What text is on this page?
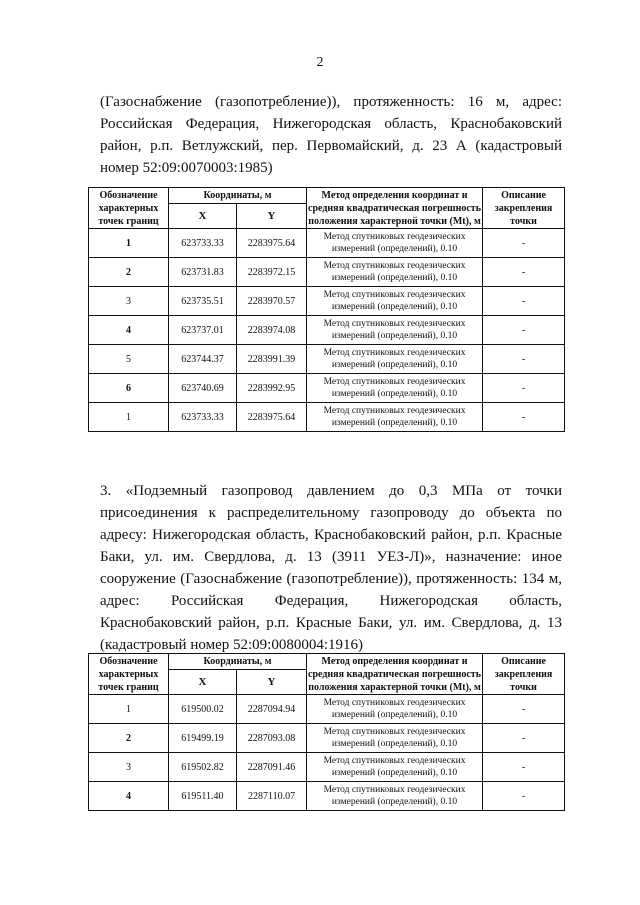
2

(Газоснабжение (газопотребление)), протяженность: 16 м, адрес: Российская Федерация, Нижегородская область, Краснобаковский район, р.п. Ветлужский, пер. Первомайский, д. 23 А (кадастровый номер 52:09:0070003:1985)

Обозначение характерных точек границ	Координаты, м		Метод определения координат и средняя квадратическая погрешность положения характерной точки (Mt), м	Описание закрепления точки
	X	Y		
1	623733.33	2283975.64	Метод спутниковых геодезических измерений (определений), 0.10	-
2	623731.83	2283972.15	Метод спутниковых геодезических измерений (определений), 0.10	-
3	623735.51	2283970.57	Метод спутниковых геодезических измерений (определений), 0.10	-
4	623737.01	2283974.08	Метод спутниковых геодезических измерений (определений), 0.10	-
5	623744.37	2283991.39	Метод спутниковых геодезических измерений (определений), 0.10	-
6	623740.69	2283992.95	Метод спутниковых геодезических измерений (определений), 0.10	-
1	623733.33	2283975.64	Метод спутниковых геодезических измерений (определений), 0.10	-

3. «Подземный газопровод давлением до 0,3 МПа от точки присоединения к распределительному газопроводу до объекта по адресу: Нижегородская область, Краснобаковский район, р.п. Красные Баки, ул. им. Свердлова, д. 13 (3911 УЕЗ-Л)», назначение: иное сооружение (Газоснабжение (газопотребление)), протяженность: 134 м, адрес: Российская Федерация, Нижегородская область, Краснобаковский район, р.п. Красные Баки, ул. им. Свердлова, д. 13 (кадастровый номер 52:09:0080004:1916)

Обозначение характерных точек границ	Координаты, м		Метод определения координат и средняя квадратическая погрешность положения характерной точки (Mt), м	Описание закрепления точки
	X	Y		
1	619500.02	2287094.94	Метод спутниковых геодезических измерений (определений), 0.10	-
2	619499.19	2287093.08	Метод спутниковых геодезических измерений (определений), 0.10	-
3	619502.82	2287091.46	Метод спутниковых геодезических измерений (определений), 0.10	-
4	619511.40	2287110.07	Метод спутниковых геодезических измерений (определений), 0.10	-
